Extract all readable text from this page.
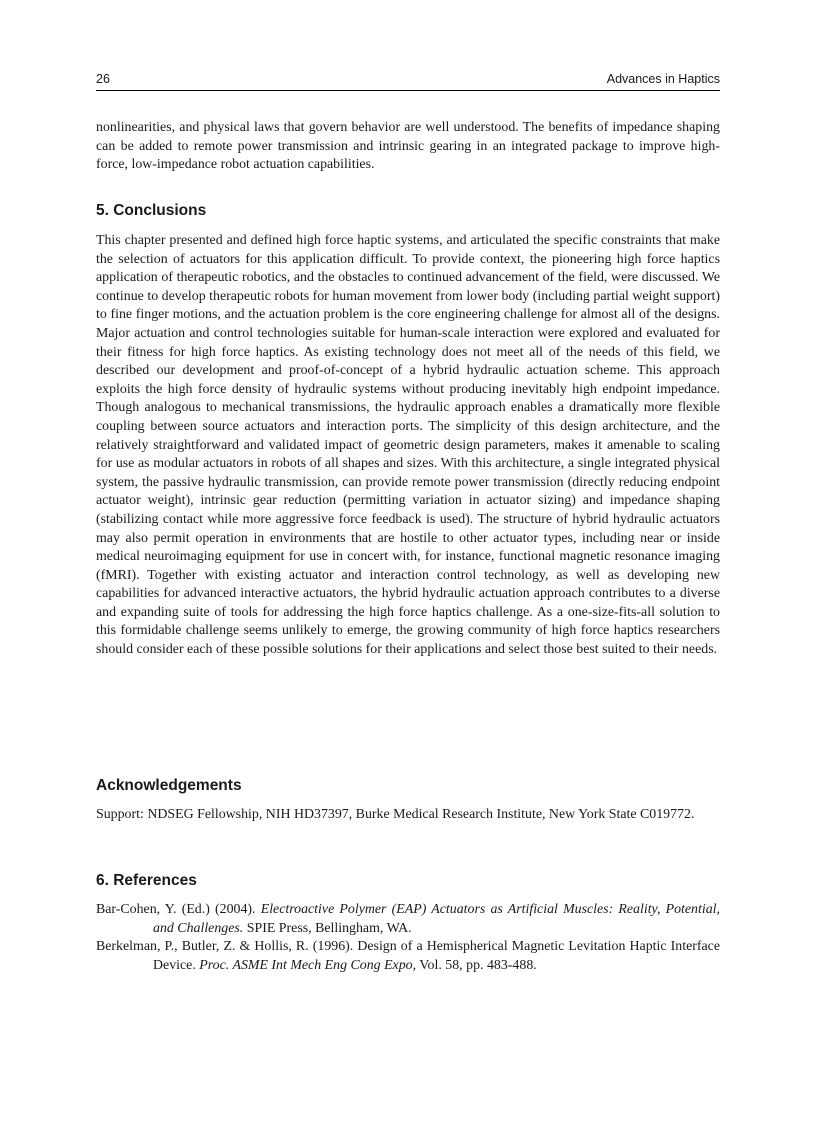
26	Advances in Haptics

nonlinearities, and physical laws that govern behavior are well understood. The benefits of impedance shaping can be added to remote power transmission and intrinsic gearing in an integrated package to improve high-force, low-impedance robot actuation capabilities.

5. Conclusions

This chapter presented and defined high force haptic systems, and articulated the specific constraints that make the selection of actuators for this application difficult. To provide context, the pioneering high force haptics application of therapeutic robotics, and the obstacles to continued advancement of the field, were discussed. We continue to develop therapeutic robots for human movement from lower body (including partial weight support) to fine finger motions, and the actuation problem is the core engineering challenge for almost all of the designs. Major actuation and control technologies suitable for human-scale interaction were explored and evaluated for their fitness for high force haptics. As existing technology does not meet all of the needs of this field, we described our development and proof-of-concept of a hybrid hydraulic actuation scheme. This approach exploits the high force density of hydraulic systems without producing inevitably high endpoint impedance. Though analogous to mechanical transmissions, the hydraulic approach enables a dramatically more flexible coupling between source actuators and interaction ports. The simplicity of this design architecture, and the relatively straightforward and validated impact of geometric design parameters, makes it amenable to scaling for use as modular actuators in robots of all shapes and sizes. With this architecture, a single integrated physical system, the passive hydraulic transmission, can provide remote power transmission (directly reducing endpoint actuator weight), intrinsic gear reduction (permitting variation in actuator sizing) and impedance shaping (stabilizing contact while more aggressive force feedback is used). The structure of hybrid hydraulic actuators may also permit operation in environments that are hostile to other actuator types, including near or inside medical neuroimaging equipment for use in concert with, for instance, functional magnetic resonance imaging (fMRI). Together with existing actuator and interaction control technology, as well as developing new capabilities for advanced interactive actuators, the hybrid hydraulic actuation approach contributes to a diverse and expanding suite of tools for addressing the high force haptics challenge. As a one-size-fits-all solution to this formidable challenge seems unlikely to emerge, the growing community of high force haptics researchers should consider each of these possible solutions for their applications and select those best suited to their needs.

Acknowledgements

Support: NDSEG Fellowship, NIH HD37397, Burke Medical Research Institute, New York State C019772.

6. References

Bar-Cohen, Y. (Ed.) (2004). Electroactive Polymer (EAP) Actuators as Artificial Muscles: Reality, Potential, and Challenges. SPIE Press, Bellingham, WA.

Berkelman, P., Butler, Z. & Hollis, R. (1996). Design of a Hemispherical Magnetic Levitation Haptic Interface Device. Proc. ASME Int Mech Eng Cong Expo, Vol. 58, pp. 483-488.
